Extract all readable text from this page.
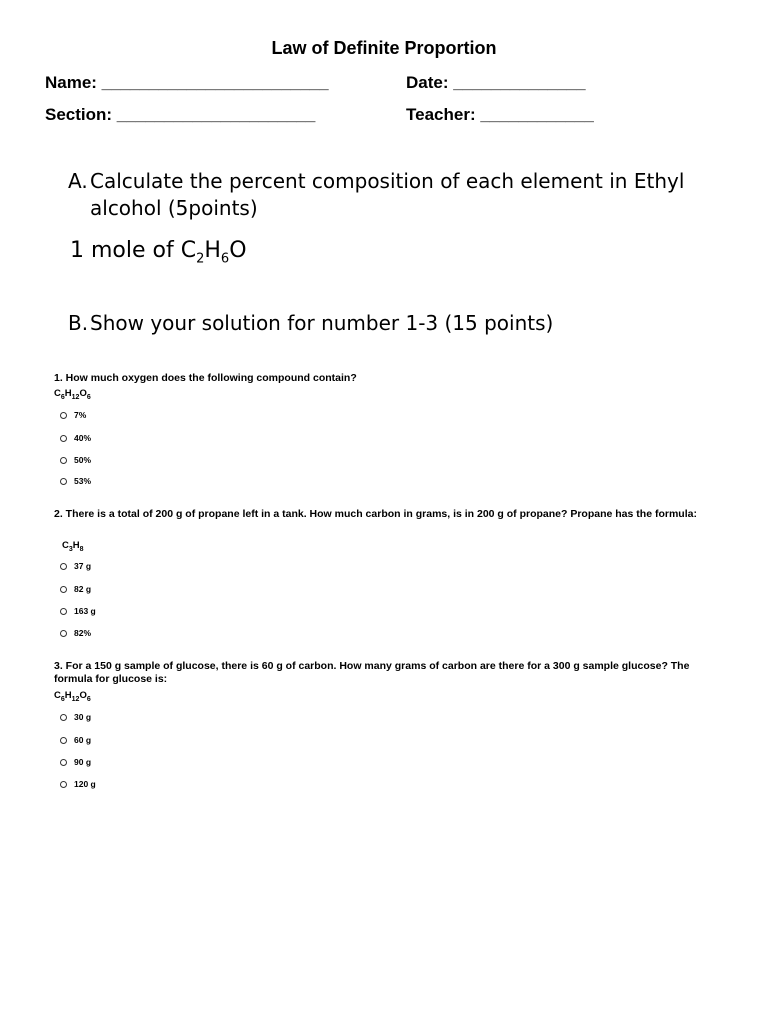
Law of Definite Proportion
Name: ________________________	Date: ______________
Section: _____________________	Teacher: ____________
A. Calculate the percent composition of each element in Ethyl
alcohol (5points)
1 mole of $C_2H_6O$
B.Show your solution for number 1-3 (15 points)
1. How much oxygen does the following compound contain?
$C_6H_{12}O_6$
7%
40%
50%
53%
2. There is a total of 200 g of propane left in a tank. How much carbon in grams, is in 200 g of propane? Propane has the formula:
$C_3H_8$
37 g
82 g
163 g
82%
3. For a 150 g sample of glucose, there is 60 g of carbon. How many grams of carbon are there for a 300 g sample glucose? The formula for glucose is:
$C_6H_{12}O_6$
30 g
60 g
90 g
120 g
